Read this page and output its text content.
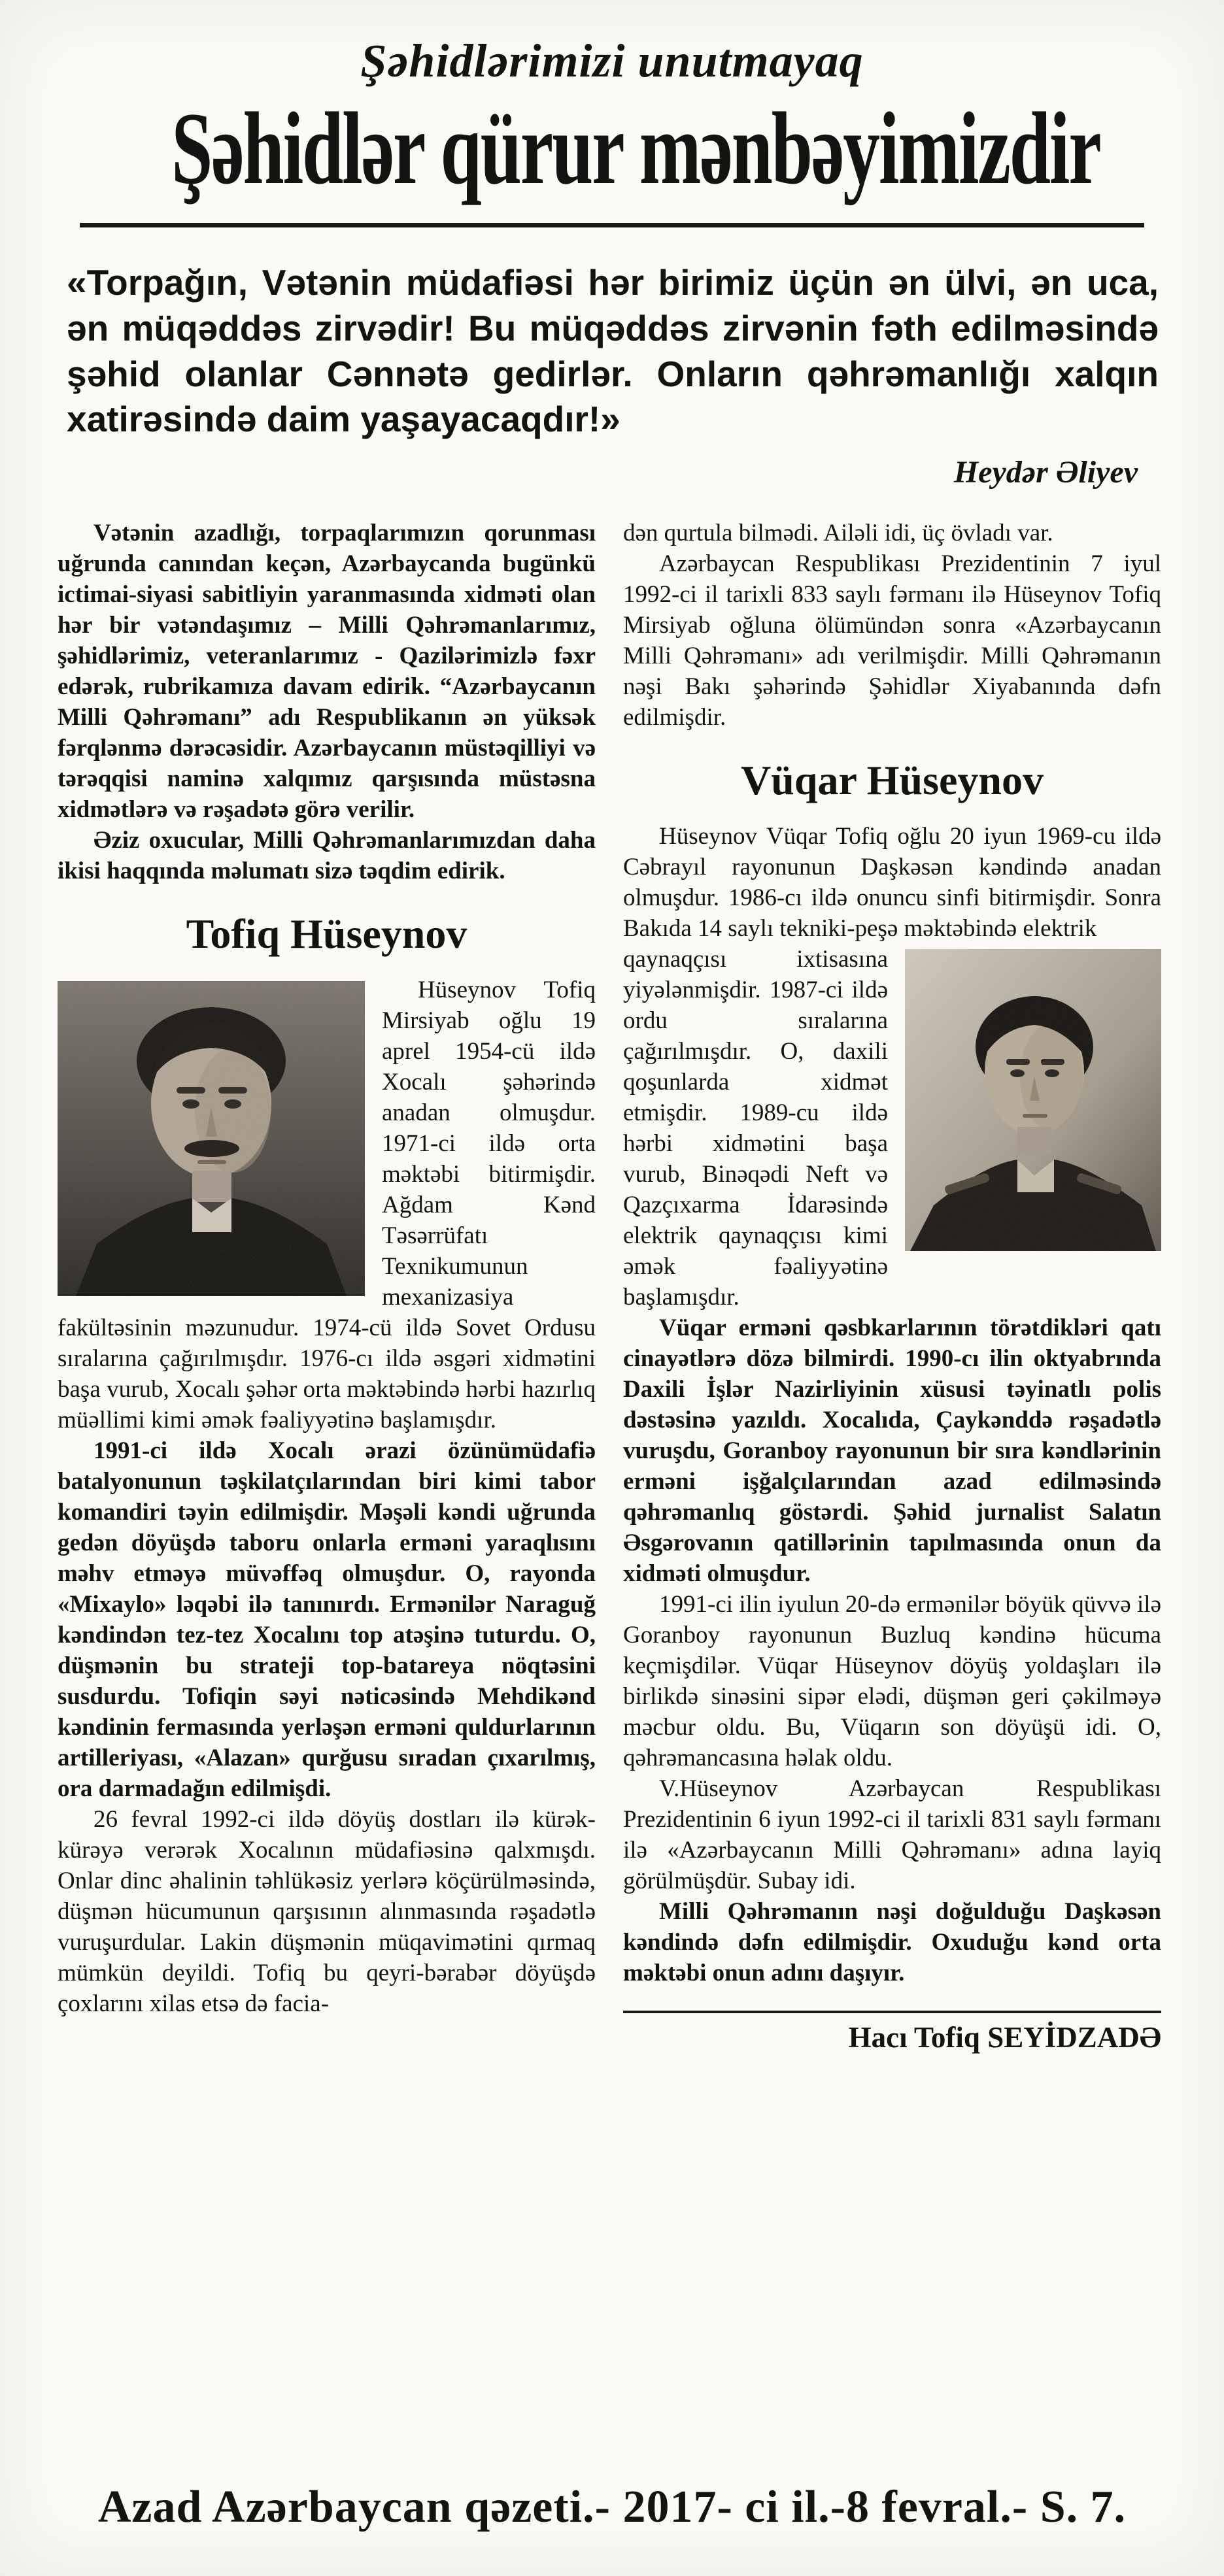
Şəhidlərimizi unutmayaq
Şəhidlər qürur mənbəyimizdir
«Torpağın, Vətənin müdafiəsi hər birimiz üçün ən ülvi, ən uca, ən müqəddəs zirvədir! Bu müqəddəs zirvənin fəth edilməsində şəhid olanlar Cənnətə gedirlər. Onların qəhrəmanlığı xalqın xatirəsində daim yaşayacaqdır!»
Heydər Əliyev

Vətənin azadlığı, torpaqlarımızın qorunması uğrunda canından keçən, Azərbaycanda bugünkü ictimai-siyasi sabitliyin yaranmasında xidməti olan hər bir vətəndaşımız – Milli Qəhrəmanlarımız, şəhidlərimiz, veteranlarımız - Qazilərimizlə fəxr edərək, rubrikamıza davam edirik. “Azərbaycanın Milli Qəhrəmanı” adı Respublikanın ən yüksək fərqlənmə dərəcəsidir. Azərbaycanın müstəqilliyi və tərəqqisi naminə xalqımız qarşısında müstəsna xidmətlərə və rəşadətə görə verilir.

Əziz oxucular, Milli Qəhrəmanlarımızdan daha ikisi haqqında məlumatı sizə təqdim edirik.

Tofiq Hüseynov

Hüseynov Tofiq Mirsiyab oğlu 19 aprel 1954-cü ildə Xocalı şəhərində anadan olmuşdur. 1971-ci ildə orta məktəbi bitirmişdir. Ağdam Kənd Təsərrüfatı Texnikumunun mexanizasiya fakültəsinin məzunudur. 1974-cü ildə Sovet Ordusu sıralarına çağırılmışdır. 1976-cı ildə əsgəri xidmətini başa vurub, Xocalı şəhər orta məktəbində hərbi hazırlıq müəllimi kimi əmək fəaliyyətinə başlamışdır.

1991-ci ildə Xocalı ərazi özünümüdafiə batalyonunun təşkilatçılarından biri kimi tabor komandiri təyin edilmişdir. Məşəli kəndi uğrunda gedən döyüşdə taboru onlarla erməni yaraqlısını məhv etməyə müvəffəq olmuşdur. O, rayonda «Mixaylo» ləqəbi ilə tanınırdı. Ermənilər Naraguğ kəndindən tez-tez Xocalını top atəşinə tuturdu. O, düşmənin bu strateji top-batareya nöqtəsini susdurdu. Tofiqin səyi nəticəsində Mehdikənd kəndinin fermasında yerləşən erməni quldurlarının artilleriyası, «Alazan» qurğusu sıradan çıxarılmış, ora darmadağın edilmişdi.

26 fevral 1992-ci ildə döyüş dostları ilə kürək-kürəyə verərək Xocalının müdafiəsinə qalxmışdı. Onlar dinc əhalinin təhlükəsiz yerlərə köçürülməsində, düşmən hücumunun qarşısının alınmasında rəşadətlə vuruşurdular. Lakin düşmənin müqavimətini qırmaq mümkün deyildi. Tofiq bu qeyri-bərabər döyüşdə çoxlarını xilas etsə də facia-

dən qurtula bilmədi. Ailəli idi, üç övladı var.

Azərbaycan Respublikası Prezidentinin 7 iyul 1992-ci il tarixli 833 saylı fərmanı ilə Hüseynov Tofiq Mirsiyab oğluna ölümündən sonra «Azərbaycanın Milli Qəhrəmanı» adı verilmişdir. Milli Qəhrəmanın nəşi Bakı şəhərində Şəhidlər Xiyabanında dəfn edilmişdir.

Vüqar Hüseynov

Hüseynov Vüqar Tofiq oğlu 20 iyun 1969-cu ildə Cəbrayıl rayonunun Daşkəsən kəndində anadan olmuşdur. 1986-cı ildə onuncu sinfi bitirmişdir. Sonra Bakıda 14 saylı tekniki-peşə məktəbində elektrik

qaynaqçısı ixtisasına yiyələnmişdir. 1987-ci ildə ordu sıralarına çağırılmışdır. O, daxili qoşunlarda xidmət etmişdir. 1989-cu ildə hərbi xidmətini başa vurub, Binəqədi Neft və Qazçıxarma İdarəsində elektrik qaynaqçısı kimi əmək fəaliyyətinə başlamışdır.

Vüqar erməni qəsbkarlarının törətdikləri qatı cinayətlərə dözə bilmirdi. 1990-cı ilin oktyabrında Daxili İşlər Nazirliyinin xüsusi təyinatlı polis dəstəsinə yazıldı. Xocalıda, Çaykənddə rəşadətlə vuruşdu, Goranboy rayonunun bir sıra kəndlərinin erməni işğalçılarından azad edilməsində qəhrəmanlıq göstərdi. Şəhid jurnalist Salatın Əsgərovanın qatillərinin tapılmasında onun da xidməti olmuşdur.

1991-ci ilin iyulun 20-də ermənilər böyük qüvvə ilə Goranboy rayonunun Buzluq kəndinə hücuma keçmişdilər. Vüqar Hüseynov döyüş yoldaşları ilə birlikdə sinəsini sipər elədi, düşmən geri çəkilməyə məcbur oldu. Bu, Vüqarın son döyüşü idi. O, qəhrəmancasına həlak oldu.

V.Hüseynov Azərbaycan Respublikası Prezidentinin 6 iyun 1992-ci il tarixli 831 saylı fərmanı ilə «Azərbaycanın Milli Qəhrəmanı» adına layiq görülmüşdür. Subay idi.

Milli Qəhrəmanın nəşi doğulduğu Daşkəsən kəndində dəfn edilmişdir. Oxuduğu kənd orta məktəbi onun adını daşıyır.

Hacı Tofiq SEYİDZADƏ
Azad Azərbaycan qəzeti.- 2017- ci il.-8 fevral.- S. 7.
